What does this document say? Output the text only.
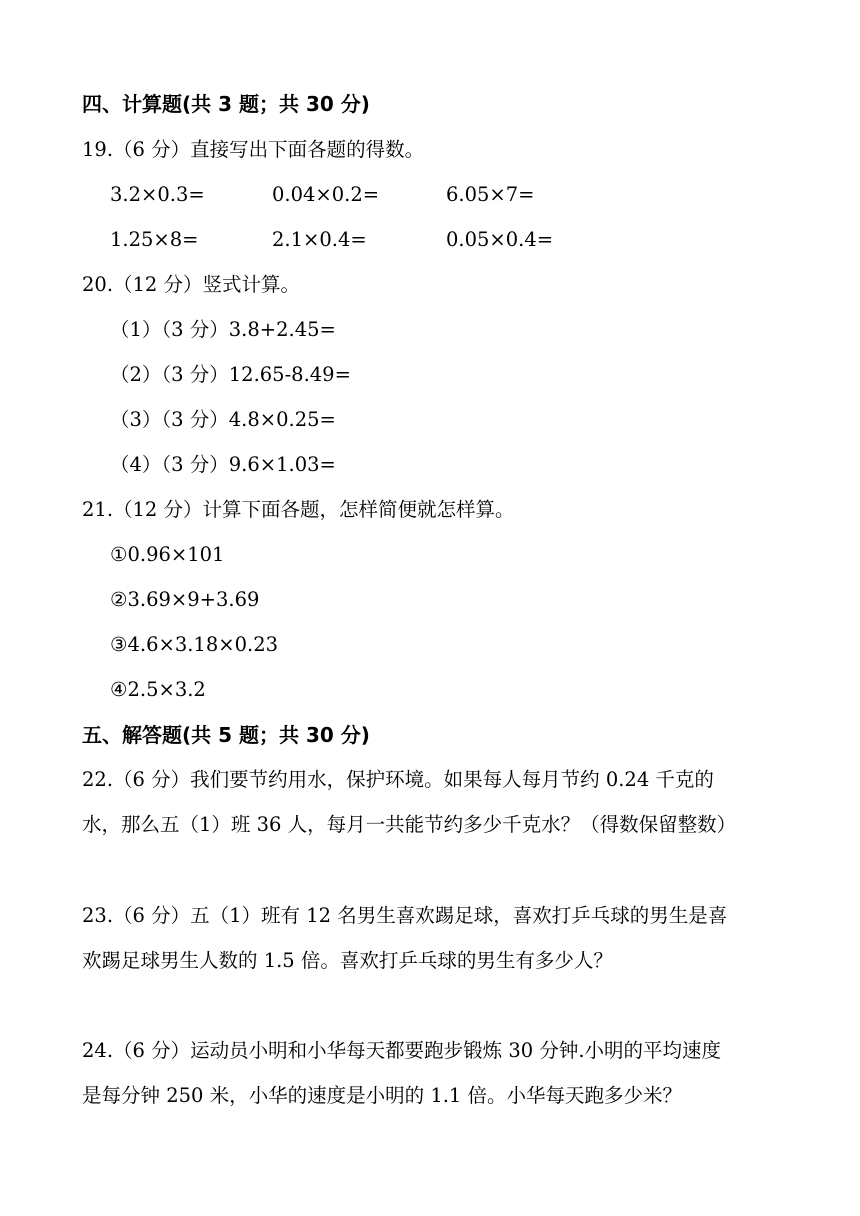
四、计算题(共 3 题；共 30 分)
19.（6 分）直接写出下面各题的得数。
3.2×0.3=	0.04×0.2=	6.05×7=
1.25×8=	2.1×0.4=	0.05×0.4=
20.（12 分）竖式计算。
（1）（3 分）3.8+2.45=
（2）（3 分）12.65-8.49=
（3）（3 分）4.8×0.25=
（4）（3 分）9.6×1.03=
21.（12 分）计算下面各题，怎样简便就怎样算。
①0.96×101
②3.69×9+3.69
③4.6×3.18×0.23
④2.5×3.2
五、解答题(共 5 题；共 30 分)
22.（6 分）我们要节约用水，保护环境。如果每人每月节约 0.24 千克的
水，那么五（1）班 36 人，每月一共能节约多少千克水？（得数保留整数）
23.（6 分）五（1）班有 12 名男生喜欢踢足球，喜欢打乒乓球的男生是喜
欢踢足球男生人数的 1.5 倍。喜欢打乒乓球的男生有多少人？
24.（6 分）运动员小明和小华每天都要跑步锻炼 30 分钟.小明的平均速度
是每分钟 250 米，小华的速度是小明的 1.1 倍。小华每天跑多少米？
